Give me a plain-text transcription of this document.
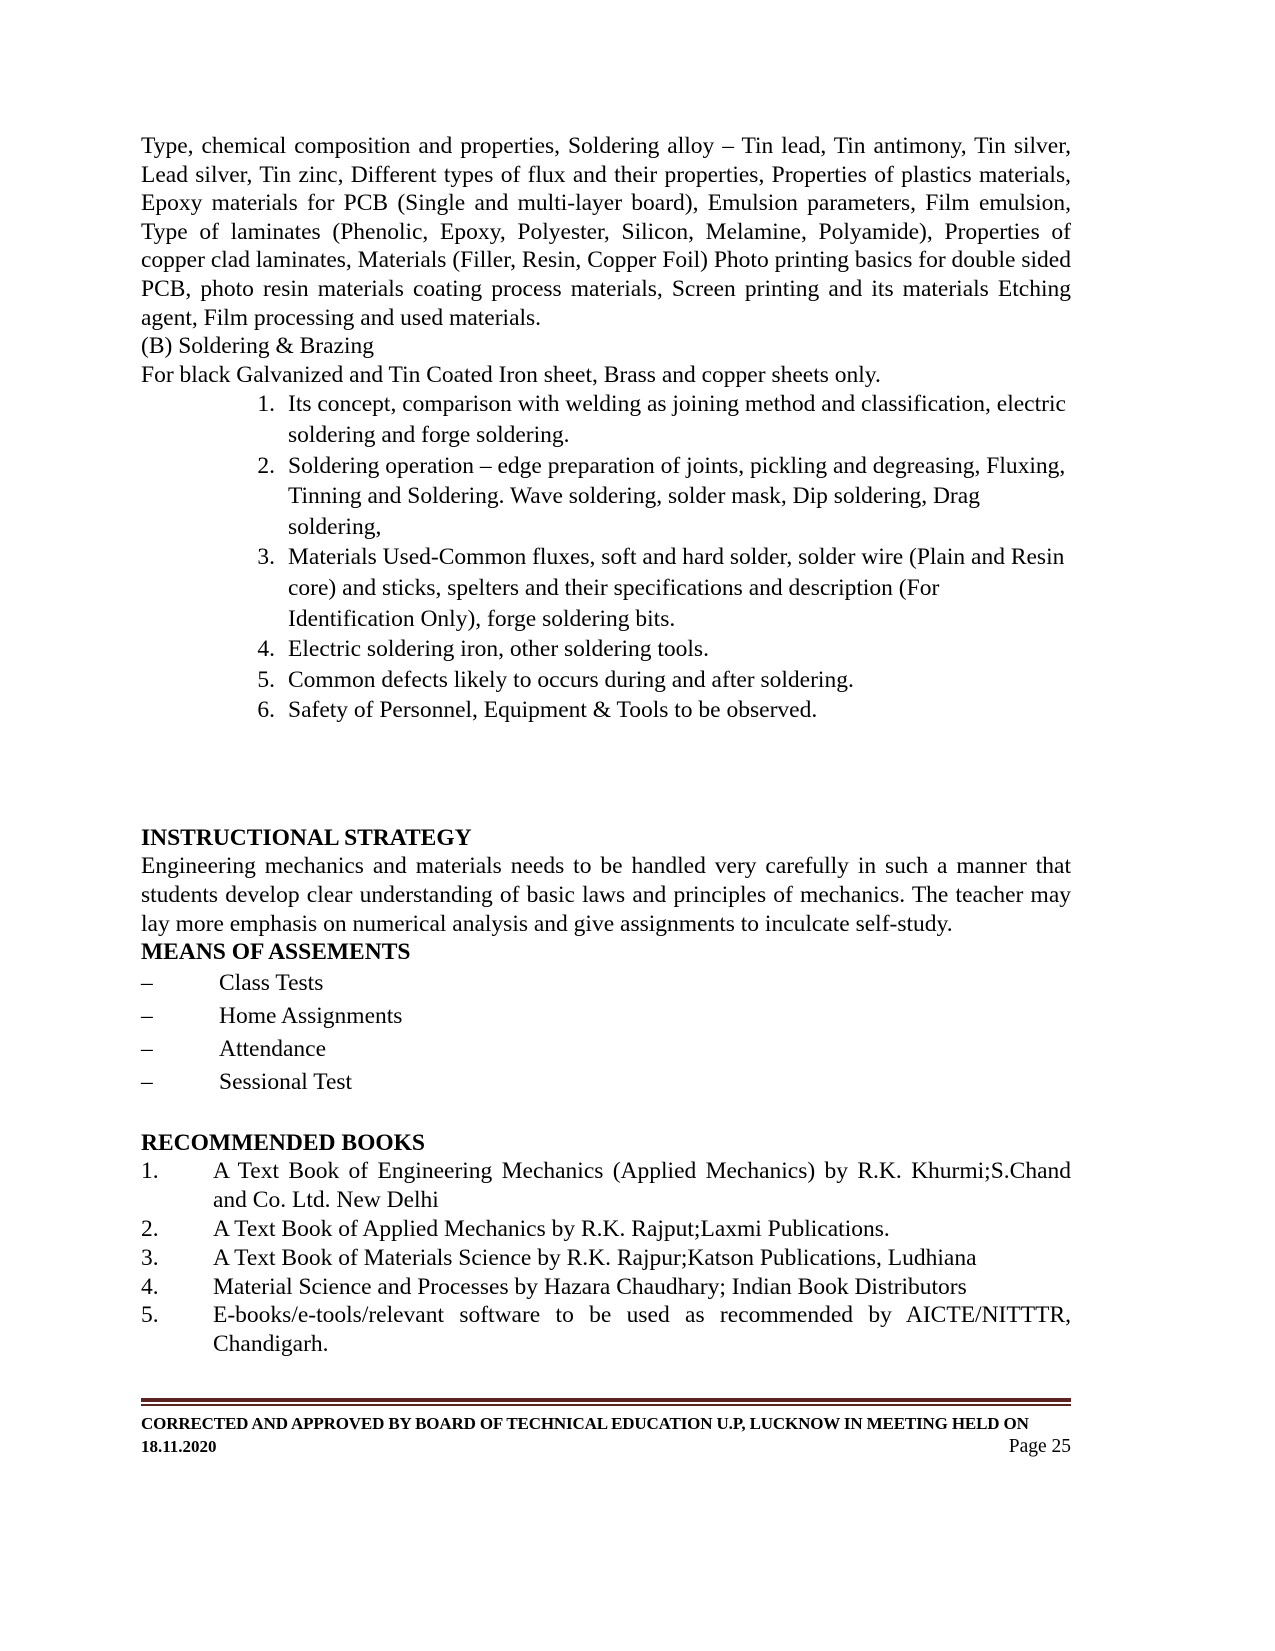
Type, chemical composition and properties, Soldering alloy – Tin lead, Tin antimony, Tin silver, Lead silver, Tin zinc, Different types of flux and their properties, Properties of plastics materials, Epoxy materials for PCB (Single and multi-layer board), Emulsion parameters, Film emulsion, Type of laminates (Phenolic, Epoxy, Polyester, Silicon, Melamine, Polyamide), Properties of copper clad laminates, Materials (Filler, Resin, Copper Foil) Photo printing basics for double sided PCB, photo resin materials coating process materials, Screen printing and its materials Etching agent, Film processing and used materials.

(B) Soldering & Brazing

For black Galvanized and Tin Coated Iron sheet, Brass and copper sheets only.

1. Its concept, comparison with welding as joining method and classification, electric soldering and forge soldering.
2. Soldering operation – edge preparation of joints, pickling and degreasing, Fluxing, Tinning and Soldering. Wave soldering, solder mask, Dip soldering, Drag soldering,
3. Materials Used-Common fluxes, soft and hard solder, solder wire (Plain and Resin core) and sticks, spelters and their specifications and description (For Identification Only), forge soldering bits.
4. Electric soldering iron, other soldering tools.
5. Common defects likely to occurs during and after soldering.
6. Safety of Personnel, Equipment & Tools to be observed.

INSTRUCTIONAL STRATEGY

Engineering mechanics and materials needs to be handled very carefully in such a manner that students develop clear understanding of basic laws and principles of mechanics. The teacher may lay more emphasis on numerical analysis and give assignments to inculcate self-study.

MEANS OF ASSEMENTS

–	Class Tests
–	Home Assignments
–	Attendance
–	Sessional Test

RECOMMENDED BOOKS

1. A Text Book of Engineering Mechanics (Applied Mechanics) by R.K. Khurmi;S.Chand and Co. Ltd. New Delhi
2. A Text Book of Applied Mechanics by R.K. Rajput;Laxmi Publications.
3. A Text Book of Materials Science by R.K. Rajpur;Katson Publications, Ludhiana
4. Material Science and Processes by Hazara Chaudhary; Indian Book Distributors
5. E-books/e-tools/relevant software to be used as recommended by AICTE/NITTTR, Chandigarh.
CORRECTED AND APPROVED BY BOARD OF TECHNICAL EDUCATION U.P, LUCKNOW IN MEETING HELD ON
18.11.2020	Page 25
